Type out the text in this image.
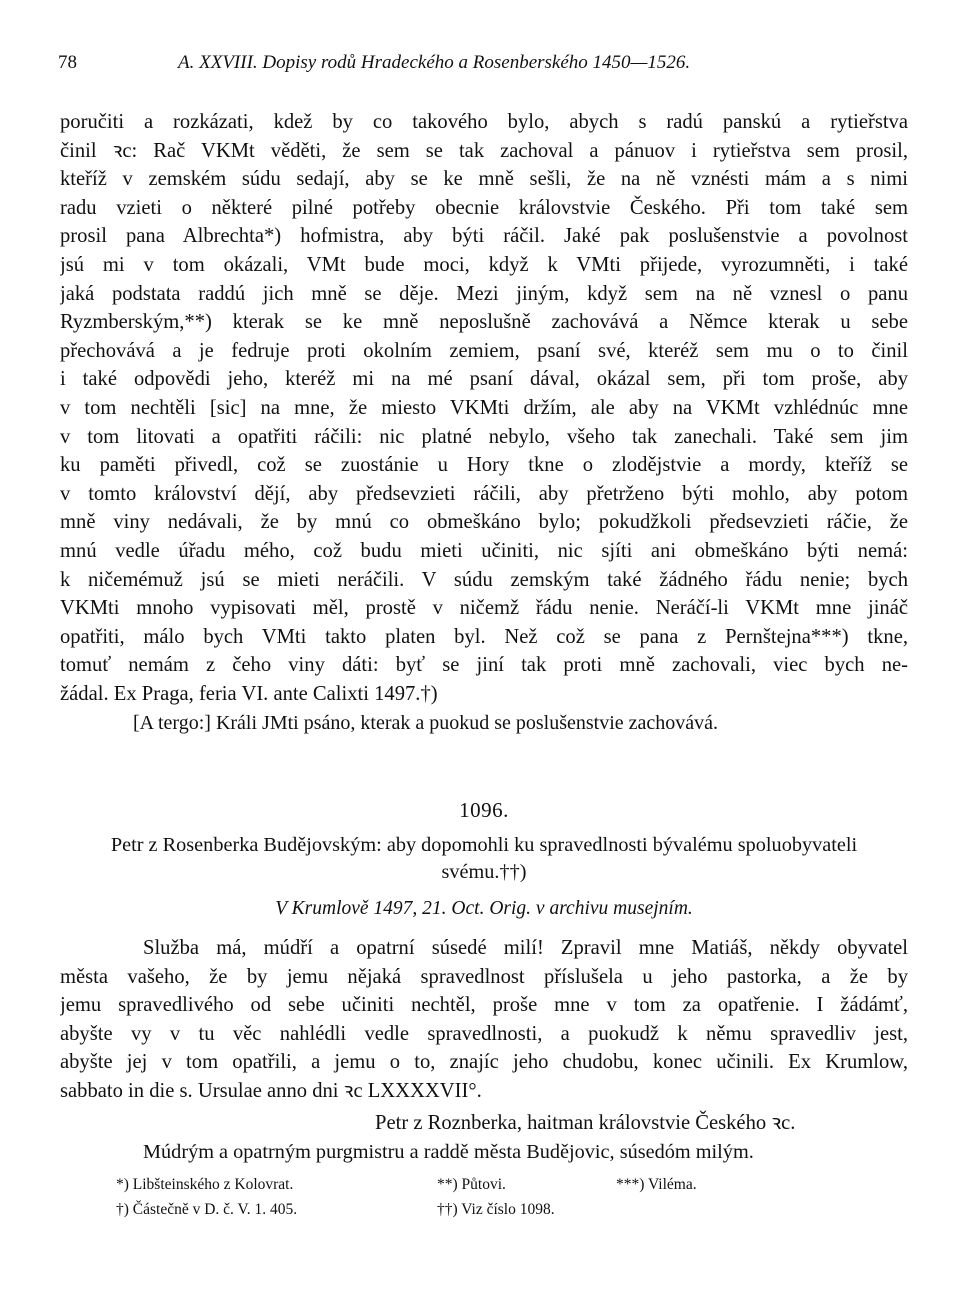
78	A. XXVIII. Dopisy rodů Hradeckého a Rosenberského 1450—1526.
poručiti a rozkázati, kdež by co takového bylo, abych s radú panskú a rytieřstva
činil ꝛc: Rač VKMt věděti, že sem se tak zachoval a pánuov i rytieřstva sem prosil,
kteříž v zemském súdu sedají, aby se ke mně sešli, že na ně vznésti mám a s nimi
radu vzieti o některé pilné potřeby obecnie královstvie Českého. Při tom také sem
prosil pana Albrechta*) hofmistra, aby býti ráčil. Jaké pak poslušenstvie a povolnost
jsú mi v tom okázali, VMt bude moci, když k VMti přijede, vyrozumněti, i také
jaká podstata raddú jich mně se děje. Mezi jiným, když sem na ně vznesl o panu
Ryzmberským,**) kterak se ke mně neposlušně zachovává a Němce kterak u sebe
přechovává a je fedruje proti okolním zemiem, psaní své, kteréž sem mu o to činil
i také odpovědi jeho, kteréž mi na mé psaní dával, okázal sem, při tom proše, aby
v tom nechtěli [sic] na mne, že miesto VKMti držím, ale aby na VKMt vzhlédnúc mne
v tom litovati a opatřiti ráčili: nic platné nebylo, všeho tak zanechali. Také sem jim
ku paměti přivedl, což se zuostánie u Hory tkne o zlodějstvie a mordy, kteříž se
v tomto království dějí, aby předsevzieti ráčili, aby přetrženo býti mohlo, aby potom
mně viny nedávali, že by mnú co obmeškáno bylo; pokudžkoli předsevzieti ráčie, že
mnú vedle úřadu mého, což budu mieti učiniti, nic sjíti ani obmeškáno býti nemá:
k ničemémuž jsú se mieti neráčili. V súdu zemským také žádného řádu nenie; bych
VKMti mnoho vypisovati měl, prostě v ničemž řádu nenie. Neráčí-li VKMt mne jináč
opatřiti, málo bych VMti takto platen byl. Než což se pana z Pernštejna***) tkne,
tomuť nemám z čeho viny dáti: byť se jiní tak proti mně zachovali, viec bych ne-
žádal. Ex Praga, feria VI. ante Calixti 1497.†)
[A tergo:] Králi JMti psáno, kterak a puokud se poslušenstvie zachovává.
1096.
Petr z Rosenberka Budějovským: aby dopomohli ku spravedlnosti bývalému spoluobyvateli svému.††)
V Krumlově 1497, 21. Oct. Orig. v archivu musejním.
Služba má, múdří a opatrní súsedé milí! Zpravil mne Matiáš, někdy obyvatel
města vašeho, že by jemu nějaká spravedlnost příslušela u jeho pastorka, a že by
jemu spravedlivého od sebe učiniti nechtěl, proše mne v tom za opatřenie. I žádámť,
abyšte vy v tu věc nahlédli vedle spravedlnosti, a puokudž k němu spravedliv jest,
abyšte jej v tom opatřili, a jemu o to, znajíc jeho chudobu, konec učinili. Ex Krumlow,
sabbato in die s. Ursulae anno dni ꝛc LXXXXVII°.
Petr z Roznberka, haitman královstvie Českého ꝛc.
Múdrým a opatrným purgmistru a raddě města Budějovic, súsedóm milým.
*) Libšteinského z Kolovrat.	**) Půtovi.	***) Viléma.
†) Částečně v D. č. V. 1. 405.	††) Viz číslo 1098.
